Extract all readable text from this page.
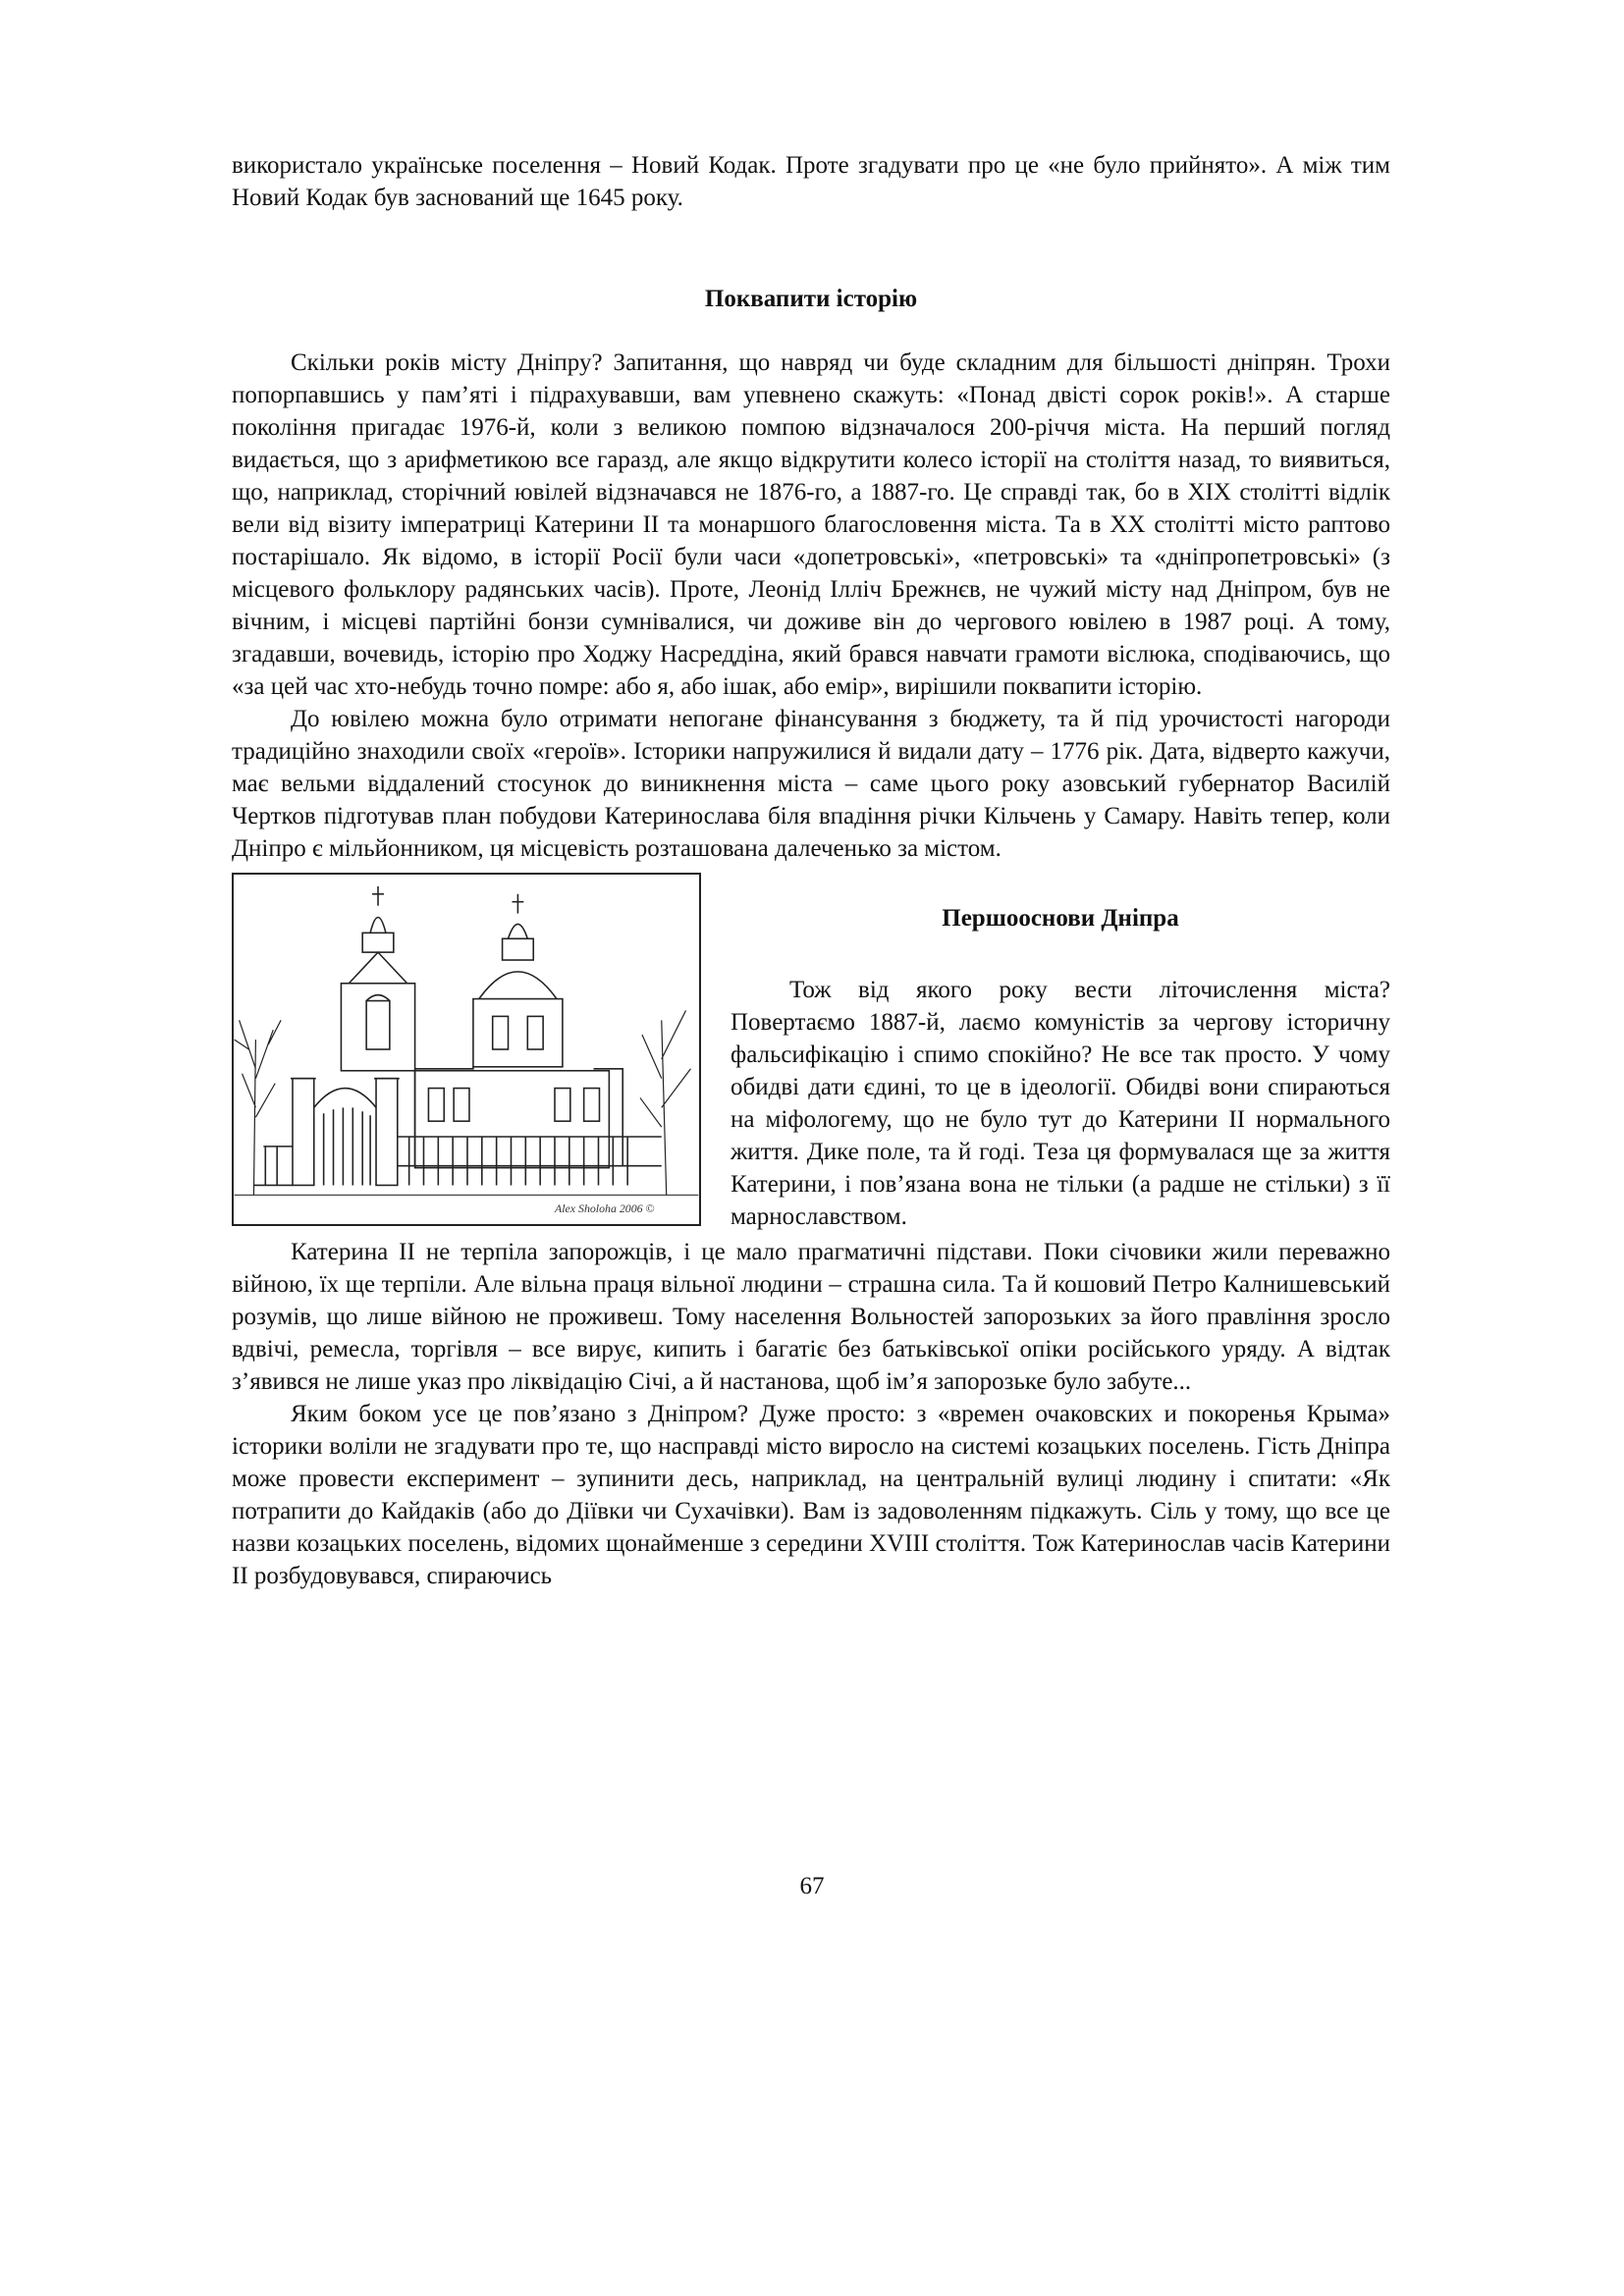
використало українське поселення – Новий Кодак. Проте згадувати про це «не було прийнято». А між тим Новий Кодак був заснований ще 1645 року.

Поквапити історію

Скільки років місту Дніпру? Запитання, що навряд чи буде складним для більшості дніпрян. Трохи попорпавшись у пам’яті і підрахувавши, вам упевнено скажуть: «Понад двісті сорок років!». А старше покоління пригадає 1976-й, коли з великою помпою відзначалося 200-річчя міста. На перший погляд видається, що з арифметикою все гаразд, але якщо відкрутити колесо історії на століття назад, то виявиться, що, наприклад, сторічний ювілей відзначався не 1876-го, а 1887-го. Це справді так, бо в XIX столітті відлік вели від візиту імператриці Катерини II та монаршого благословення міста. Та в XX столітті місто раптово постарішало. Як відомо, в історії Росії були часи «допетровські», «петровські» та «дніпропетровські» (з місцевого фольклору радянських часів). Проте, Леонід Ілліч Брежнєв, не чужий місту над Дніпром, був не вічним, і місцеві партійні бонзи сумнівалися, чи доживе він до чергового ювілею в 1987 році. А тому, згадавши, вочевидь, історію про Ходжу Насреддіна, який брався навчати грамоти віслюка, сподіваючись, що «за цей час хто-небудь точно помре: або я, або ішак, або емір», вирішили поквапити історію.

До ювілею можна було отримати непогане фінансування з бюджету, та й під урочистості нагороди традиційно знаходили своїх «героїв». Історики напружилися й видали дату – 1776 рік. Дата, відверто кажучи, має вельми віддалений стосунок до виникнення міста – саме цього року азовський губернатор Василій Чертков підготував план побудови Катеринослава біля впадіння річки Кільчень у Самару. Навіть тепер, коли Дніпро є мільйонником, ця місцевість розташована далеченько за містом.

Alex Sholoha 2006 ©
Першооснови Дніпра

Тож від якого року вести літочислення міста? Повертаємо 1887-й, лаємо комуністів за чергову історичну фальсифікацію і спимо спокійно? Не все так просто. У чому обидві дати єдині, то це в ідеології. Обидві вони спираються на міфологему, що не було тут до Катерини II нормального життя. Дике поле, та й годі. Теза ця формувалася ще за життя Катерини, і пов’язана вона не тільки (а радше не стільки) з її марнославством.

Катерина II не терпіла запорожців, і це мало прагматичні підстави. Поки січовики жили переважно війною, їх ще терпіли. Але вільна праця вільної людини – страшна сила. Та й кошовий Петро Калнишевський розумів, що лише війною не проживеш. Тому населення Вольностей запорозьких за його правління зросло вдвічі, ремесла, торгівля – все вирує, кипить і багатіє без батьківської опіки російського уряду. А відтак з’явився не лише указ про ліквідацію Січі, а й настанова, щоб ім’я запорозьке було забуте...

Яким боком усе це пов’язано з Дніпром? Дуже просто: з «времен очаковских и покоренья Крыма» історики воліли не згадувати про те, що насправді місто виросло на системі козацьких поселень. Гість Дніпра може провести експеримент – зупинити десь, наприклад, на центральній вулиці людину і спитати: «Як потрапити до Кайдаків (або до Діївки чи Сухачівки). Вам із задоволенням підкажуть. Сіль у тому, що все це назви козацьких поселень, відомих щонайменше з середини XVIII століття. Тож Катеринослав часів Катерини II розбудовувався, спираючись

67
